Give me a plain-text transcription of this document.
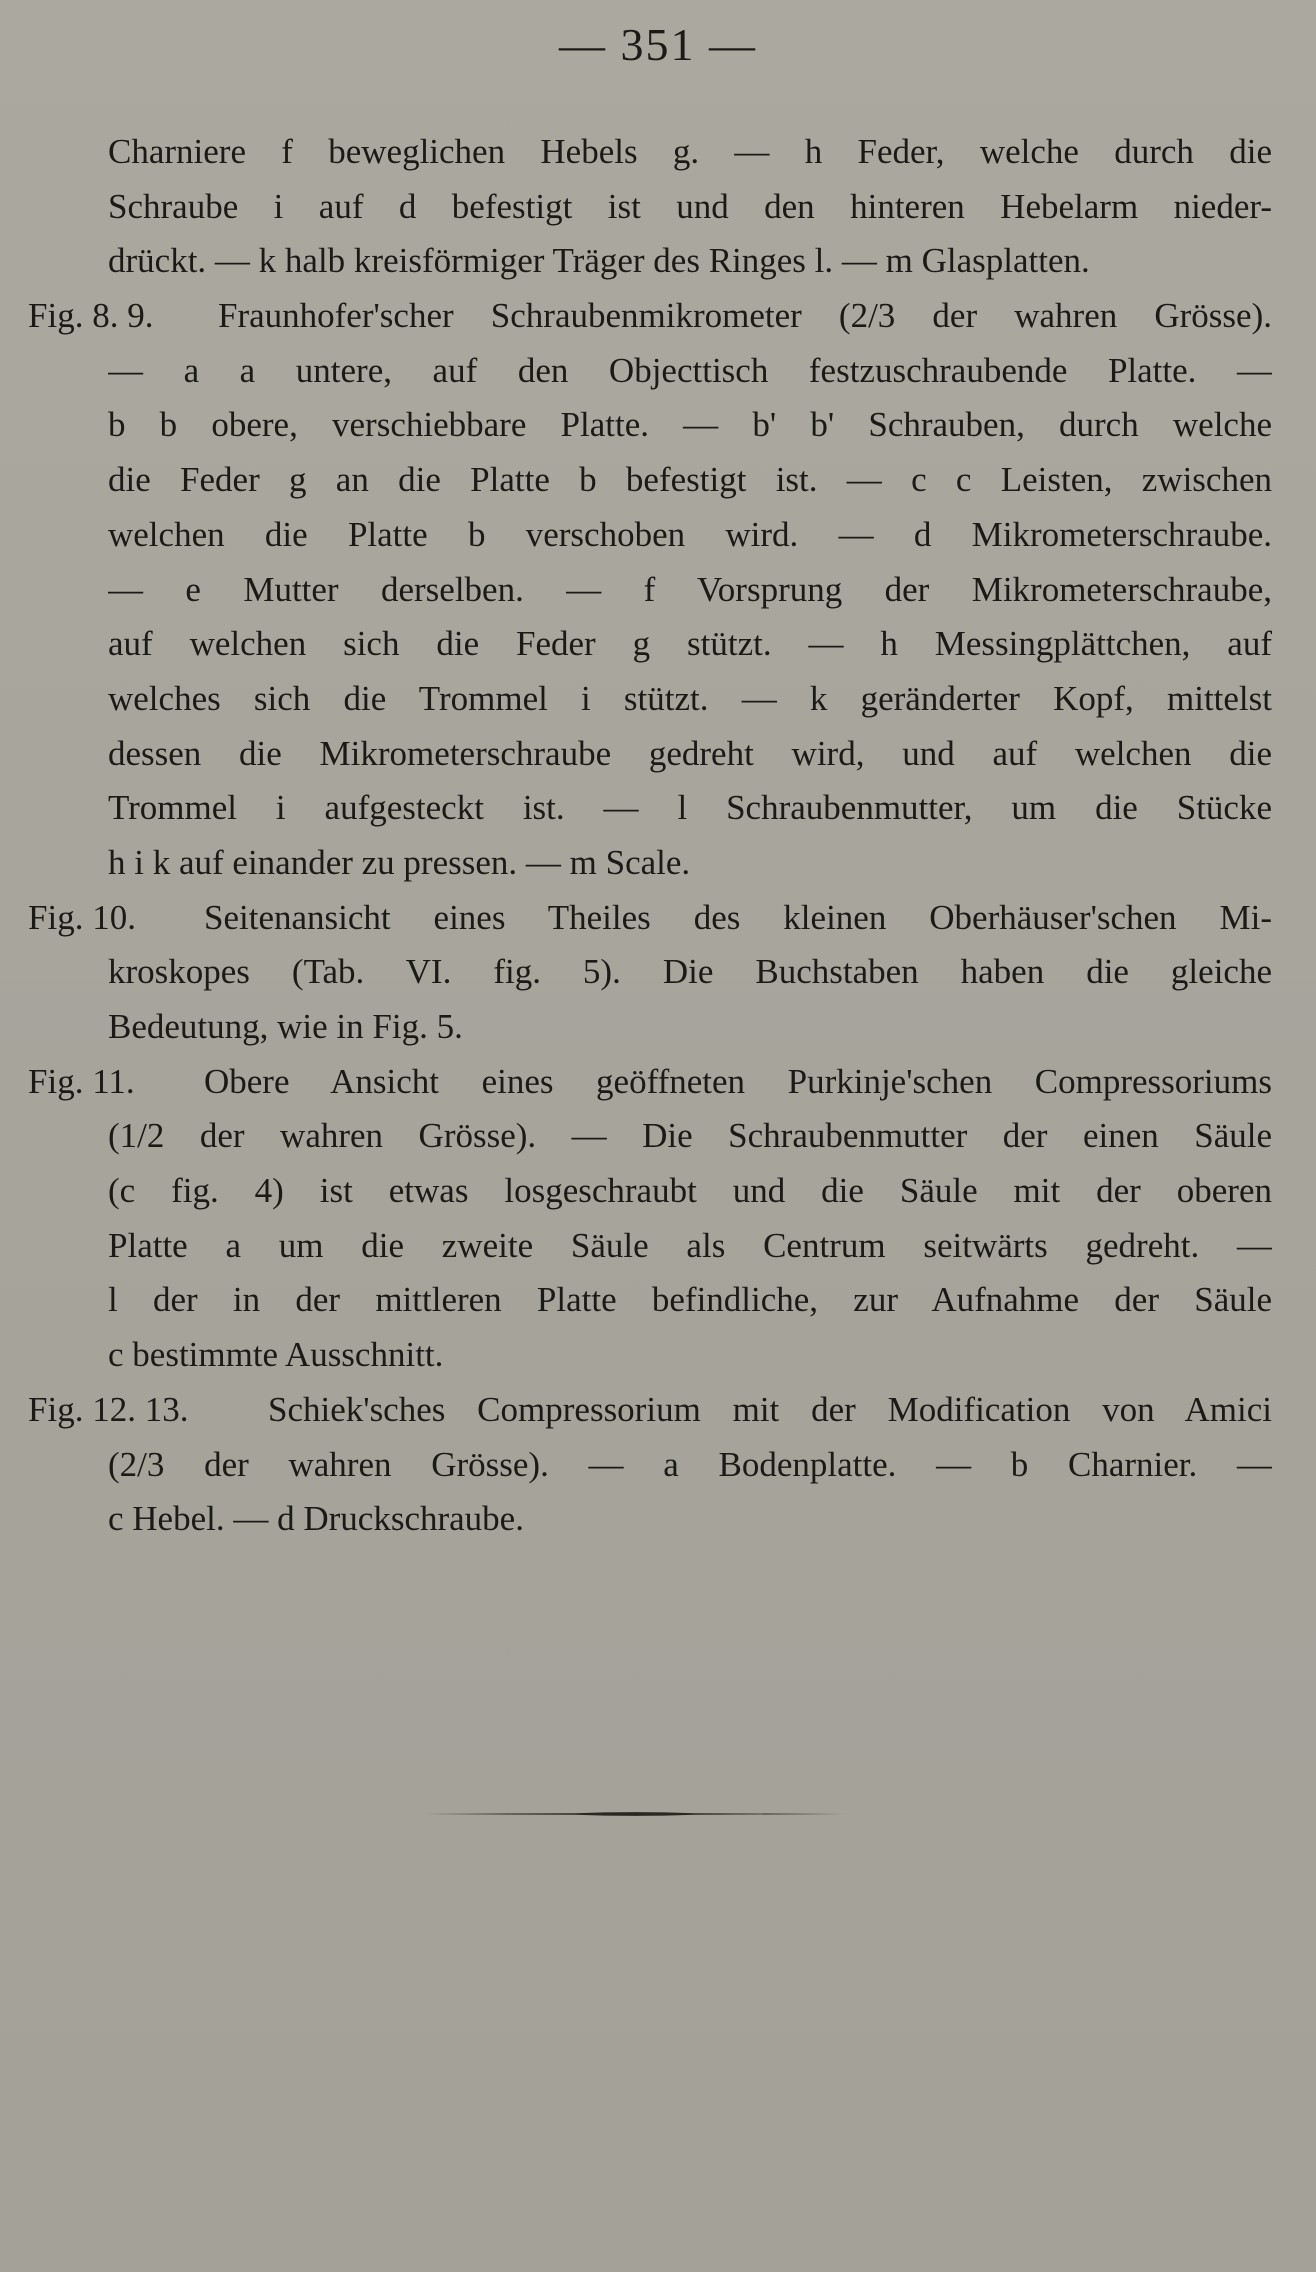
— 351 —
Charniere f beweglichen Hebels g. — h Feder, welche durch die
Schraube i auf d befestigt ist und den hinteren Hebelarm nieder-
drückt. — k halb kreisförmiger Träger des Ringes l. — m Glasplatten.
Fig. 8. 9. Fraunhofer'scher Schraubenmikrometer (2/3 der wahren Grösse).
— a a untere, auf den Objecttisch festzuschraubende Platte. —
b b obere, verschiebbare Platte. — b' b' Schrauben, durch welche
die Feder g an die Platte b befestigt ist. — c c Leisten, zwischen
welchen die Platte b verschoben wird. — d Mikrometerschraube.
— e Mutter derselben. — f Vorsprung der Mikrometerschraube,
auf welchen sich die Feder g stützt. — h Messingplättchen, auf
welches sich die Trommel i stützt. — k geränderter Kopf, mittelst
dessen die Mikrometerschraube gedreht wird, und auf welchen die
Trommel i aufgesteckt ist. — l Schraubenmutter, um die Stücke
h i k auf einander zu pressen. — m Scale.
Fig. 10. Seitenansicht eines Theiles des kleinen Oberhäuser'schen Mi-
kroskopes (Tab. VI. fig. 5). Die Buchstaben haben die gleiche
Bedeutung, wie in Fig. 5.
Fig. 11. Obere Ansicht eines geöffneten Purkinje'schen Compressoriums
(1/2 der wahren Grösse). — Die Schraubenmutter der einen Säule
(c fig. 4) ist etwas losgeschraubt und die Säule mit der oberen
Platte a um die zweite Säule als Centrum seitwärts gedreht. —
l der in der mittleren Platte befindliche, zur Aufnahme der Säule
c bestimmte Ausschnitt.
Fig. 12. 13. Schiek'sches Compressorium mit der Modification von Amici
(2/3 der wahren Grösse). — a Bodenplatte. — b Charnier. —
c Hebel. — d Druckschraube.
